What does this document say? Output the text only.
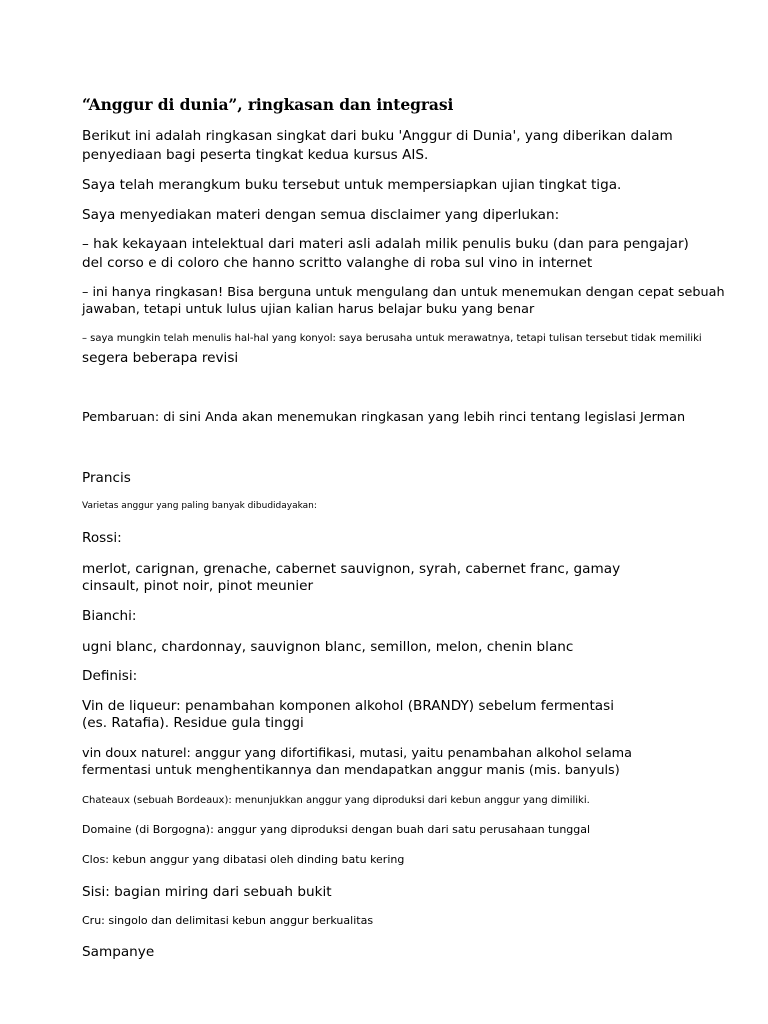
“Anggur di dunia”, ringkasan dan integrasi

Berikut ini adalah ringkasan singkat dari buku 'Anggur di Dunia', yang diberikan dalam

penyediaan bagi peserta tingkat kedua kursus AIS.

Saya telah merangkum buku tersebut untuk mempersiapkan ujian tingkat tiga.

Saya menyediakan materi dengan semua disclaimer yang diperlukan:

– hak kekayaan intelektual dari materi asli adalah milik penulis buku (dan para pengajar)

del corso e di coloro che hanno scritto valanghe di roba sul vino in internet

– ini hanya ringkasan! Bisa berguna untuk mengulang dan untuk menemukan dengan cepat sebuah

jawaban, tetapi untuk lulus ujian kalian harus belajar buku yang benar

– saya mungkin telah menulis hal-hal yang konyol: saya berusaha untuk merawatnya, tetapi tulisan tersebut tidak memiliki

segera beberapa revisi

Pembaruan: di sini Anda akan menemukan ringkasan yang lebih rinci tentang legislasi Jerman

Prancis

Varietas anggur yang paling banyak dibudidayakan:

Rossi:

merlot, carignan, grenache, cabernet sauvignon, syrah, cabernet franc, gamay

cinsault, pinot noir, pinot meunier

Bianchi:

ugni blanc, chardonnay, sauvignon blanc, semillon, melon, chenin blanc

Definisi:

Vin de liqueur: penambahan komponen alkohol (BRANDY) sebelum fermentasi

(es. Ratafia). Residue gula tinggi

vin doux naturel: anggur yang difortifikasi, mutasi, yaitu penambahan alkohol selama

fermentasi untuk menghentikannya dan mendapatkan anggur manis (mis. banyuls)

Chateaux (sebuah Bordeaux): menunjukkan anggur yang diproduksi dari kebun anggur yang dimiliki.

Domaine (di Borgogna): anggur yang diproduksi dengan buah dari satu perusahaan tunggal

Clos: kebun anggur yang dibatasi oleh dinding batu kering

Sisi: bagian miring dari sebuah bukit

Cru: singolo dan delimitasi kebun anggur berkualitas

Sampanye
